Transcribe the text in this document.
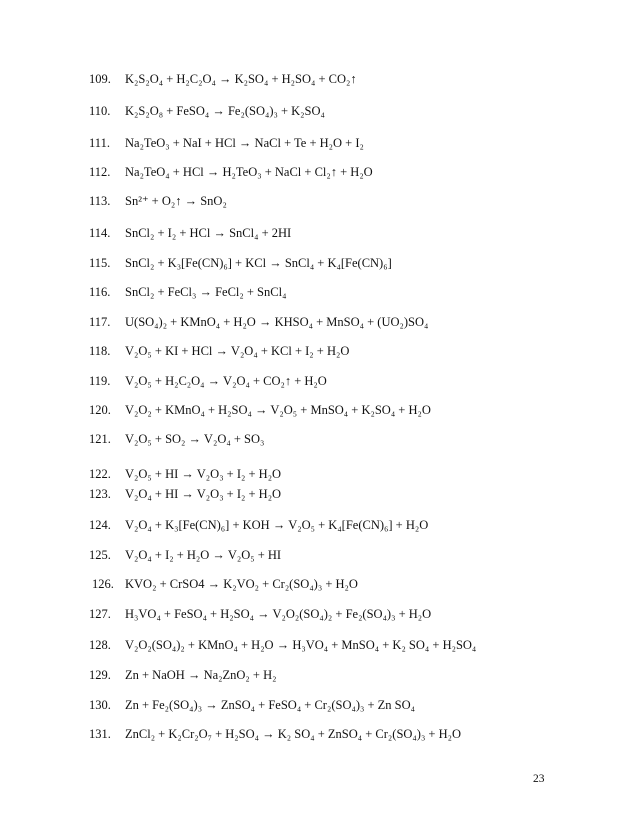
109. K₂S₂O₄ + H₂C₂O₄ → K₂SO₄ + H₂SO₄ + CO₂↑
110. K₂S₂O₈ + FeSO₄ → Fe₂(SO₄)₃ + K₂SO₄
111. Na₂TeO₃ + NaI + HCl → NaCl + Te + H₂O + I₂
112. Na₂TeO₄ + HCl → H₂TeO₃ + NaCl + Cl₂↑ + H₂O
113. Sn²⁺ + O₂↑ → SnO₂
114. SnCl₂ + I₂ + HCl → SnCl₄ + 2HI
115. SnCl₂ + K₃[Fe(CN)₆] + KCl → SnCl₄ + K₄[Fe(CN)₆]
116. SnCl₂ + FeCl₃ → FeCl₂ + SnCl₄
117. U(SO₄)₂ + KMnO₄ + H₂O → KHSO₄ + MnSO₄ + (UO₂)SO₄
118. V₂O₅ + KI + HCl → V₂O₄ + KCl + I₂ + H₂O
119. V₂O₅ + H₂C₂O₄ → V₂O₄ + CO₂↑ + H₂O
120. V₂O₂ + KMnO₄ + H₂SO₄ → V₂O₅ + MnSO₄ + K₂SO₄ + H₂O
121. V₂O₅ + SO₂ → V₂O₄ + SO₃
122. V₂O₅ + HI → V₂O₃ + I₂ + H₂O
123. V₂O₄ + HI → V₂O₃ + I₂ + H₂O
124. V₂O₄ + K₃[Fe(CN)₆] + KOH → V₂O₅ + K₄[Fe(CN)₆] + H₂O
125. V₂O₄ + I₂ + H₂O → V₂O₅ + HI
126. KVO₂ + CrSO4 → K₂VO₂ + Cr₂(SO₄)₃ + H₂O
127. H₃VO₄ + FeSO₄ + H₂SO₄ → V₂O₂(SO₄)₂ + Fe₂(SO₄)₃ + H₂O
128. V₂O₂(SO₄)₂ + KMnO₄ + H₂O → H₃VO₄ + MnSO₄ + K₂ SO₄ + H₂SO₄
129. Zn + NaOH → Na₂ZnO₂ + H₂
130. Zn + Fe₂(SO₄)₃ → ZnSO₄ + FeSO₄ + Cr₂(SO₄)₃ + Zn SO₄
131. ZnCl₂ + K₂Cr₂O₇ + H₂SO₄ → K₂ SO₄ + ZnSO₄ + Cr₂(SO₄)₃ + H₂O
23
